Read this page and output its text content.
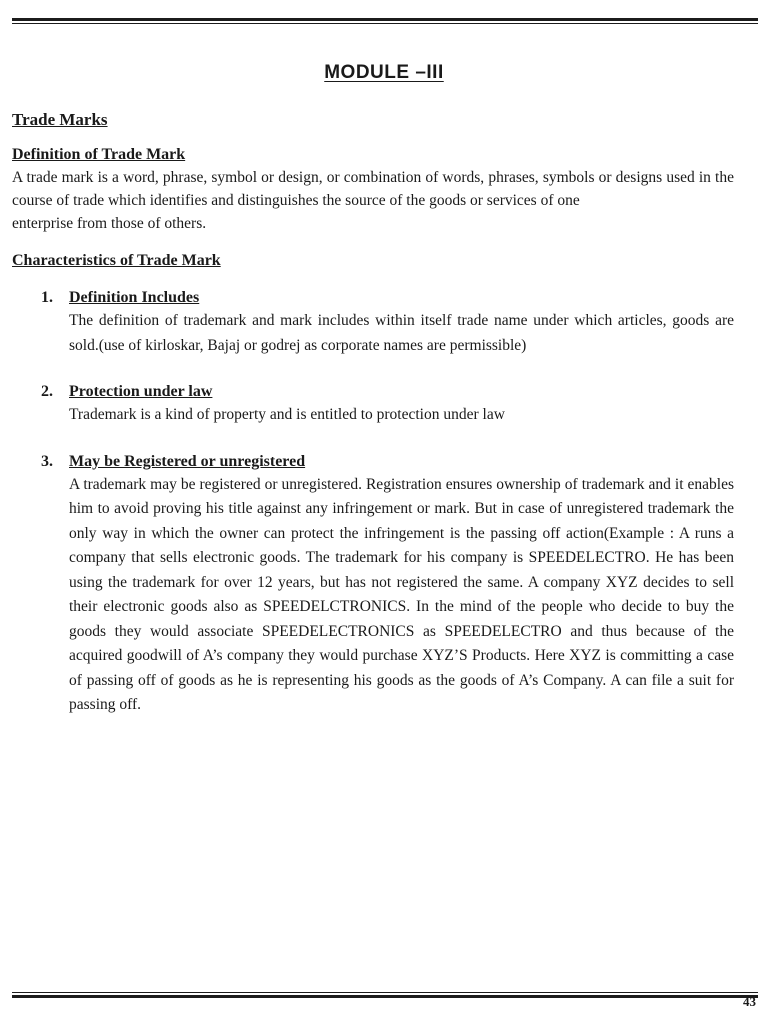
MODULE –III

Trade Marks

Definition of Trade Mark

A trade mark is a word, phrase, symbol or design, or combination of words, phrases, symbols or designs used in the course of trade which identifies and distinguishes the source of the goods or services of one
enterprise from those of others.

Characteristics of Trade Mark

1. Definition Includes
The definition of trademark and mark includes within itself trade name under which articles, goods are sold.(use of kirloskar, Bajaj or godrej as corporate names are permissible)
2. Protection under law
Trademark is a kind of property and is entitled to protection under law
3. May be Registered or unregistered
A trademark may be registered or unregistered. Registration ensures ownership of trademark and it enables him to avoid proving his title against any infringement or mark. But in case of unregistered trademark the only way in which the owner can protect the infringement is the passing off action(Example : A runs a company that sells electronic goods. The trademark for his company is SPEEDELECTRO. He has been using the trademark for over 12 years, but has not registered the same. A company XYZ decides to sell their electronic goods also as SPEEDELCTRONICS. In the mind of the people who decide to buy the goods they would associate SPEEDELECTRONICS as SPEEDELECTRO and thus because of the acquired goodwill of A’s company they would purchase XYZ’S Products. Here XYZ is committing a case of passing off of goods as he is representing his goods as the goods of A’s Company. A can file a suit for passing off.
43
